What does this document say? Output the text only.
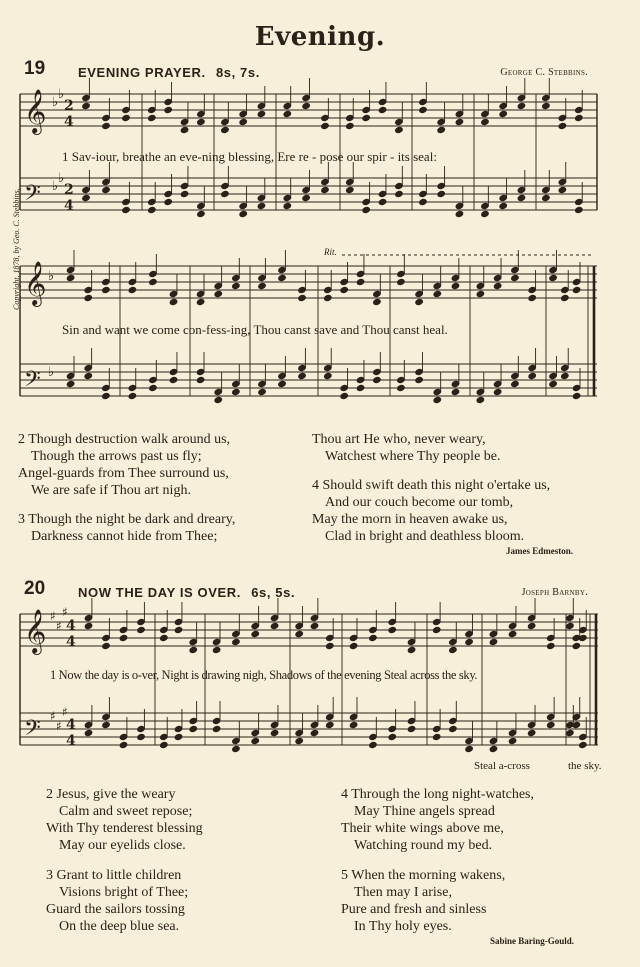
Evening.
19	EVENING PRAYER. 8s, 7s.	George C. Stebbins.
Copyright, 1878, by Geo. C. Stebbins.	Rit.
𝄞
𝄢
𝄞
𝄢
♭
♭
♭
♭
♭
♭
2
4
2
4
1 Sav-iour, breathe an eve-ning blessing, Ere re - pose our spir - its seal:
Sin and want we come con-fess-ing, Thou canst save and Thou canst heal.
2 Though destruction walk around us,
Though the arrows past us fly;
Angel-guards from Thee surround us,
We are safe if Thou art nigh.
3 Though the night be dark and dreary,
Darkness cannot hide from Thee;
Thou art He who, never weary,
Watchest where Thy people be.
4 Should swift death this night o'ertake us,
And our couch become our tomb,
May the morn in heaven awake us,
Clad in bright and deathless bloom.
James Edmeston.
20	NOW THE DAY IS OVER. 6s, 5s.	Joseph Barnby.
𝄞
𝄢
♯
♯
♯
♯
♯
♯
4
4
4
4
1 Now the day is o-ver, Night is drawing nigh, Shadows of the evening Steal across the sky.
Steal a-cross	the sky.
2 Jesus, give the weary
Calm and sweet repose;
With Thy tenderest blessing
May our eyelids close.
3 Grant to little children
Visions bright of Thee;
Guard the sailors tossing
On the deep blue sea.
4 Through the long night-watches,
May Thine angels spread
Their white wings above me,
Watching round my bed.
5 When the morning wakens,
Then may I arise,
Pure and fresh and sinless
In Thy holy eyes.
Sabine Baring-Gould.
